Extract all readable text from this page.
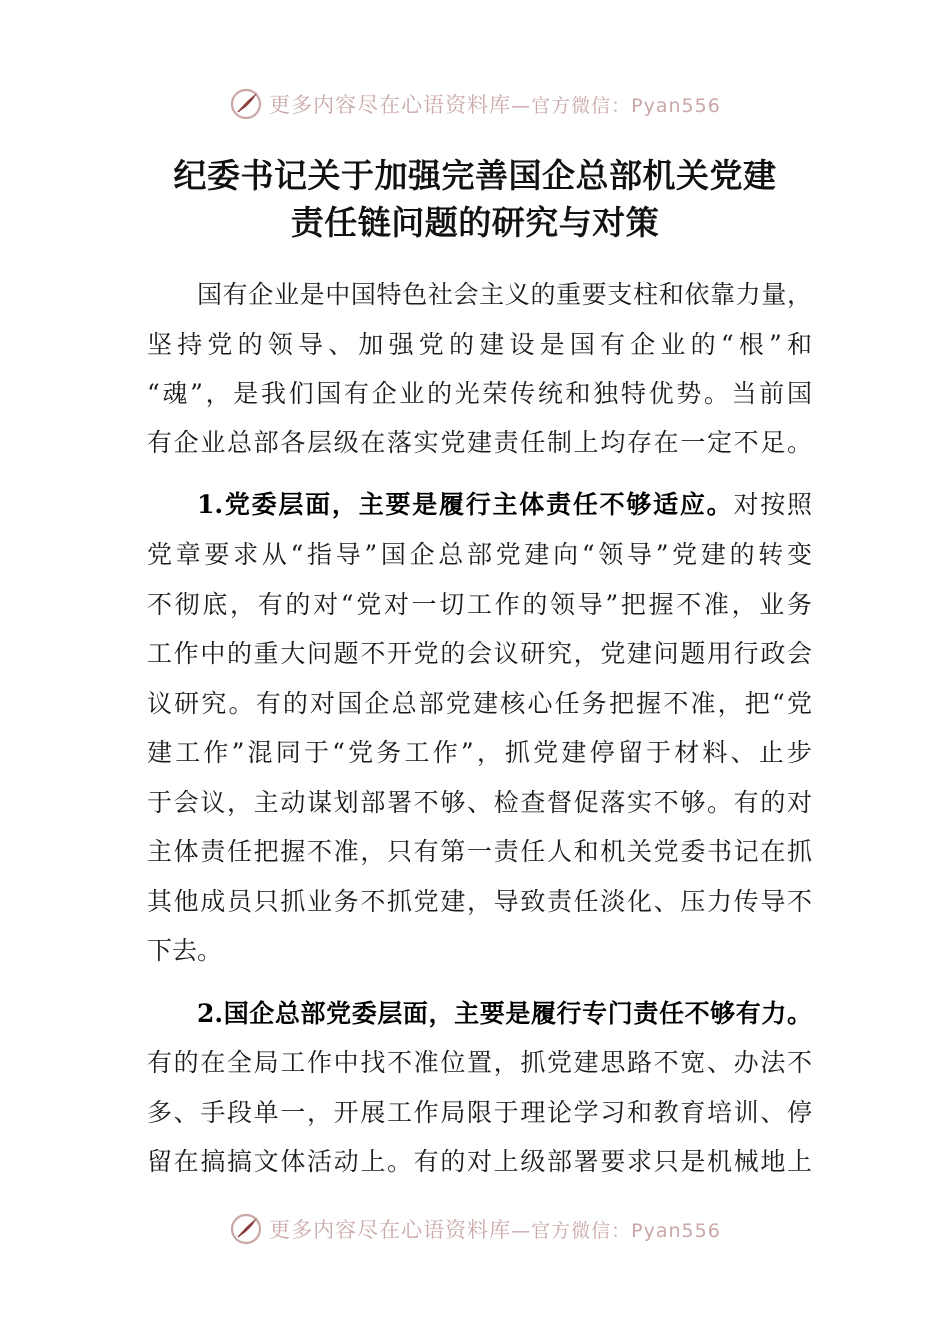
更多内容尽在心语资料库—官方微信：Pyan556
纪委书记关于加强完善国企总部机关党建
责任链问题的研究与对策
国有企业是中国特色社会主义的重要支柱和依靠力量，
坚持党的领导、加强党的建设是国有企业的“根”和
“魂”，是我们国有企业的光荣传统和独特优势。当前国
有企业总部各层级在落实党建责任制上均存在一定不足。
1.党委层面，主要是履行主体责任不够适应。对按照
党章要求从“指导”国企总部党建向“领导”党建的转变
不彻底，有的对“党对一切工作的领导”把握不准，业务
工作中的重大问题不开党的会议研究，党建问题用行政会
议研究。有的对国企总部党建核心任务把握不准，把“党
建工作”混同于“党务工作”，抓党建停留于材料、止步
于会议，主动谋划部署不够、检查督促落实不够。有的对
主体责任把握不准，只有第一责任人和机关党委书记在抓
其他成员只抓业务不抓党建，导致责任淡化、压力传导不
下去。
2.国企总部党委层面，主要是履行专门责任不够有力。
有的在全局工作中找不准位置，抓党建思路不宽、办法不
多、手段单一，开展工作局限于理论学习和教育培训、停
留在搞搞文体活动上。有的对上级部署要求只是机械地上
更多内容尽在心语资料库—官方微信：Pyan556
